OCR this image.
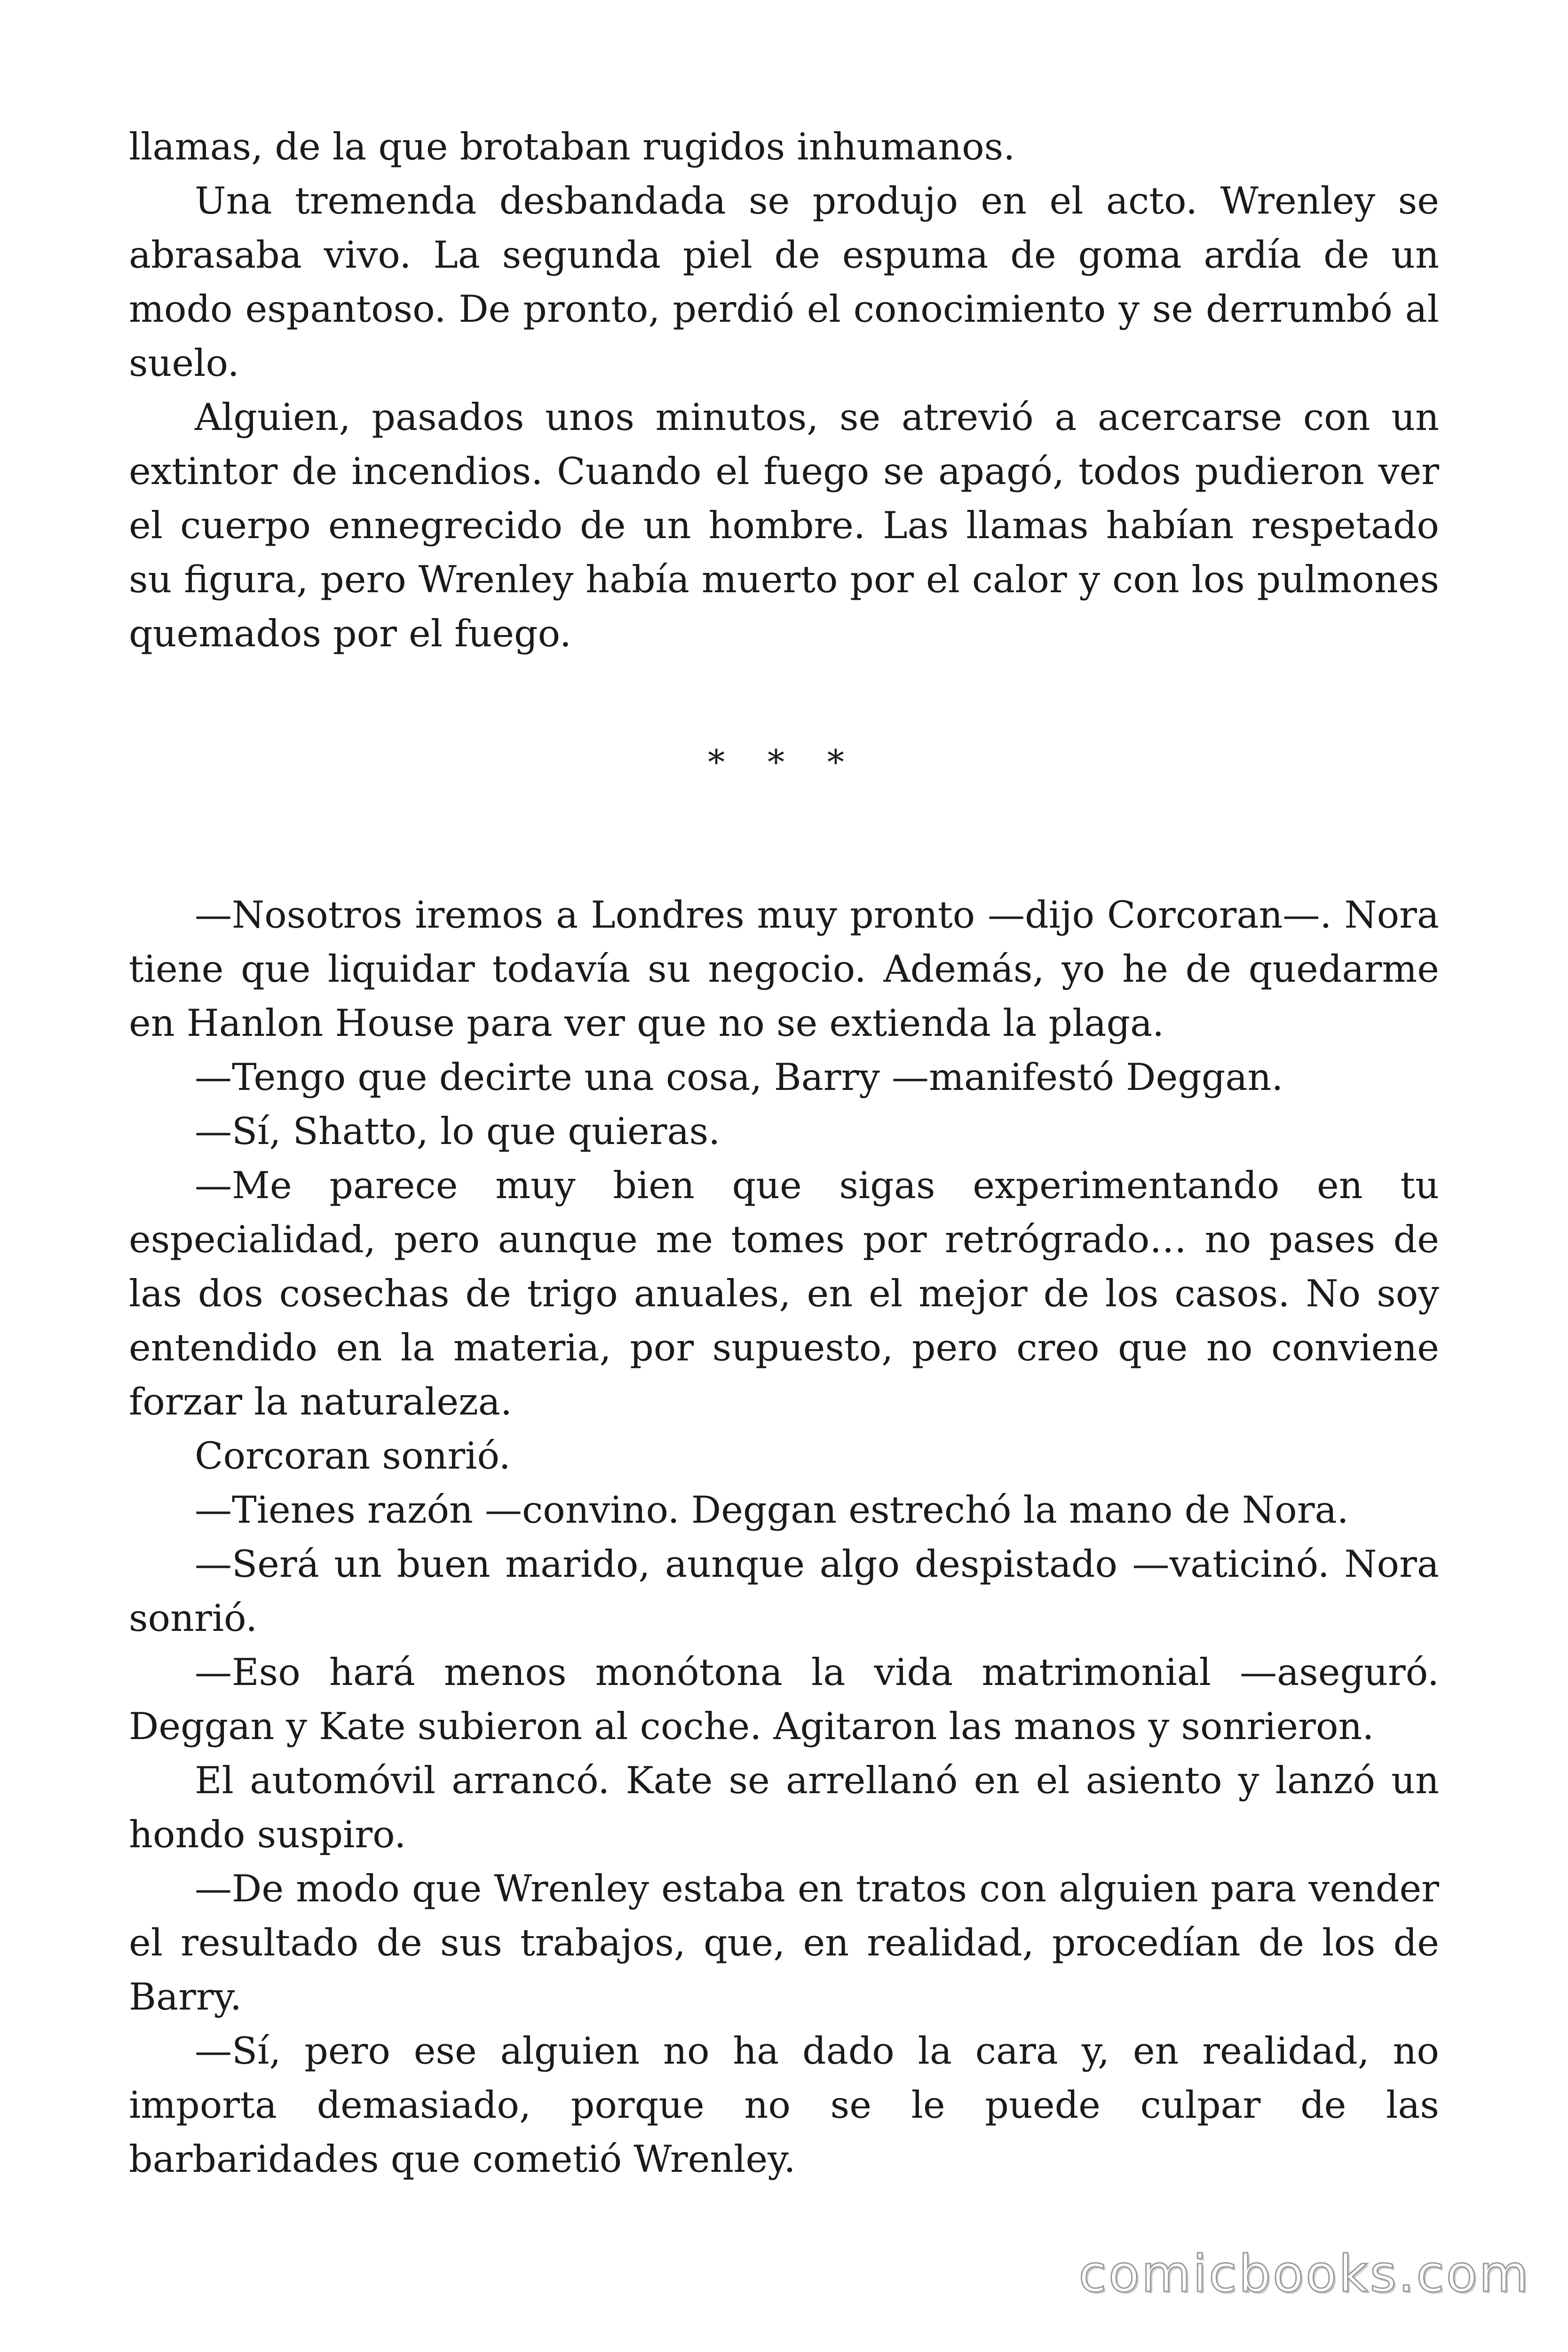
llamas, de la que brotaban rugidos inhumanos.

Una tremenda desbandada se produjo en el acto. Wrenley se abrasaba vivo. La segunda piel de espuma de goma ardía de un modo espantoso. De pronto, perdió el conocimiento y se derrumbó al suelo.

Alguien, pasados unos minutos, se atrevió a acercarse con un extintor de incendios. Cuando el fuego se apagó, todos pudieron ver el cuerpo ennegrecido de un hombre. Las llamas habían respetado su figura, pero Wrenley había muerto por el calor y con los pulmones quemados por el fuego.

* * *

—Nosotros iremos a Londres muy pronto —dijo Corcoran—. Nora tiene que liquidar todavía su negocio. Además, yo he de quedarme en Hanlon House para ver que no se extienda la plaga.

—Tengo que decirte una cosa, Barry —manifestó Deggan.

—Sí, Shatto, lo que quieras.

—Me parece muy bien que sigas experimentando en tu especialidad, pero aunque me tomes por retrógrado… no pases de las dos cosechas de trigo anuales, en el mejor de los casos. No soy entendido en la materia, por supuesto, pero creo que no conviene forzar la naturaleza.

Corcoran sonrió.

—Tienes razón —convino. Deggan estrechó la mano de Nora.

—Será un buen marido, aunque algo despistado —vaticinó. Nora sonrió.

—Eso hará menos monótona la vida matrimonial —aseguró. Deggan y Kate subieron al coche. Agitaron las manos y sonrieron.

El automóvil arrancó. Kate se arrellanó en el asiento y lanzó un hondo suspiro.

—De modo que Wrenley estaba en tratos con alguien para vender el resultado de sus trabajos, que, en realidad, procedían de los de Barry.

—Sí, pero ese alguien no ha dado la cara y, en realidad, no importa demasiado, porque no se le puede culpar de las barbaridades que cometió Wrenley.

comicbooks.com
